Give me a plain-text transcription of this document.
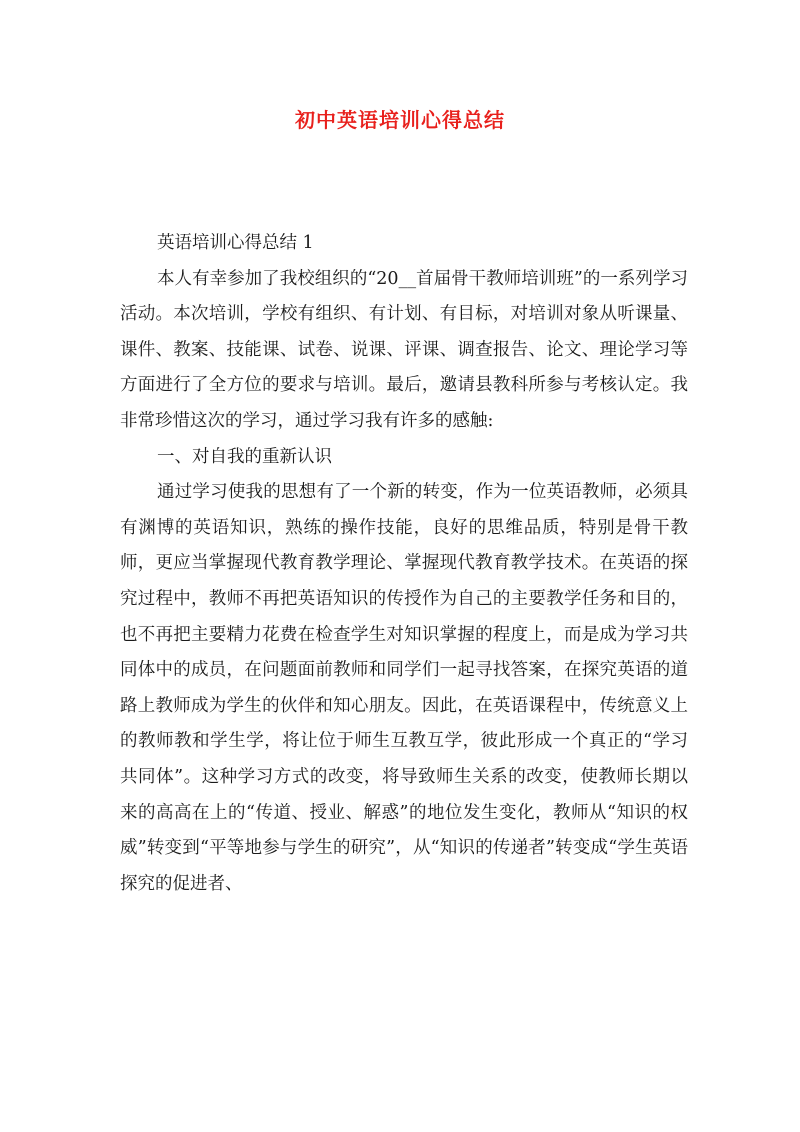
初中英语培训心得总结

英语培训心得总结 1

本人有幸参加了我校组织的“20__首届骨干教师培训班”的一系列学习活动。本次培训，学校有组织、有计划、有目标，对培训对象从听课量、课件、教案、技能课、试卷、说课、评课、调查报告、论文、理论学习等方面进行了全方位的要求与培训。最后，邀请县教科所参与考核认定。我非常珍惜这次的学习，通过学习我有许多的感触:

一、对自我的重新认识

通过学习使我的思想有了一个新的转变，作为一位英语教师，必须具有渊博的英语知识，熟练的操作技能，良好的思维品质，特别是骨干教师，更应当掌握现代教育教学理论、掌握现代教育教学技术。在英语的探究过程中，教师不再把英语知识的传授作为自己的主要教学任务和目的，也不再把主要精力花费在检查学生对知识掌握的程度上，而是成为学习共同体中的成员，在问题面前教师和同学们一起寻找答案，在探究英语的道路上教师成为学生的伙伴和知心朋友。因此，在英语课程中，传统意义上的教师教和学生学，将让位于师生互教互学，彼此形成一个真正的“学习共同体”。这种学习方式的改变，将导致师生关系的改变，使教师长期以来的高高在上的“传道、授业、解惑”的地位发生变化，教师从“知识的权威”转变到“平等地参与学生的研究”，从“知识的传递者”转变成“学生英语探究的促进者、
